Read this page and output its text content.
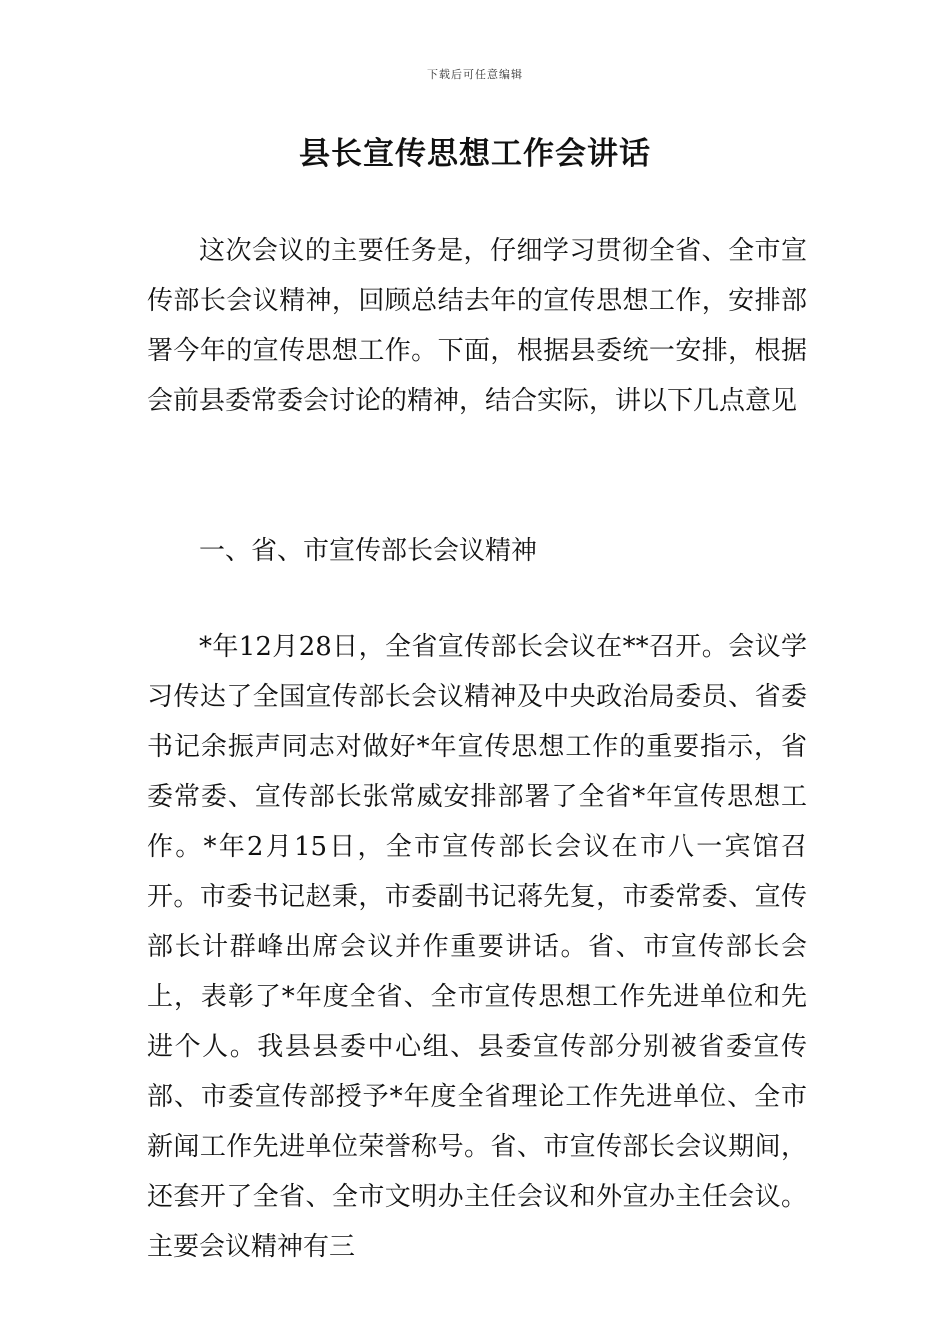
下载后可任意编辑
县长宣传思想工作会讲话

这次会议的主要任务是，仔细学习贯彻全省、全市宣传部长会议精神，回顾总结去年的宣传思想工作，安排部署今年的宣传思想工作。下面，根据县委统一安排，根据会前县委常委会讨论的精神，结合实际，讲以下几点意见

一、省、市宣传部长会议精神

*年12月28日，全省宣传部长会议在**召开。会议学习传达了全国宣传部长会议精神及中央政治局委员、省委书记余振声同志对做好*年宣传思想工作的重要指示，省委常委、宣传部长张常威安排部署了全省*年宣传思想工作。*年2月15日，全市宣传部长会议在市八一宾馆召开。市委书记赵秉，市委副书记蒋先复，市委常委、宣传部长计群峰出席会议并作重要讲话。省、市宣传部长会上，表彰了*年度全省、全市宣传思想工作先进单位和先进个人。我县县委中心组、县委宣传部分别被省委宣传部、市委宣传部授予*年度全省理论工作先进单位、全市新闻工作先进单位荣誉称号。省、市宣传部长会议期间，还套开了全省、全市文明办主任会议和外宣办主任会议。主要会议精神有三
